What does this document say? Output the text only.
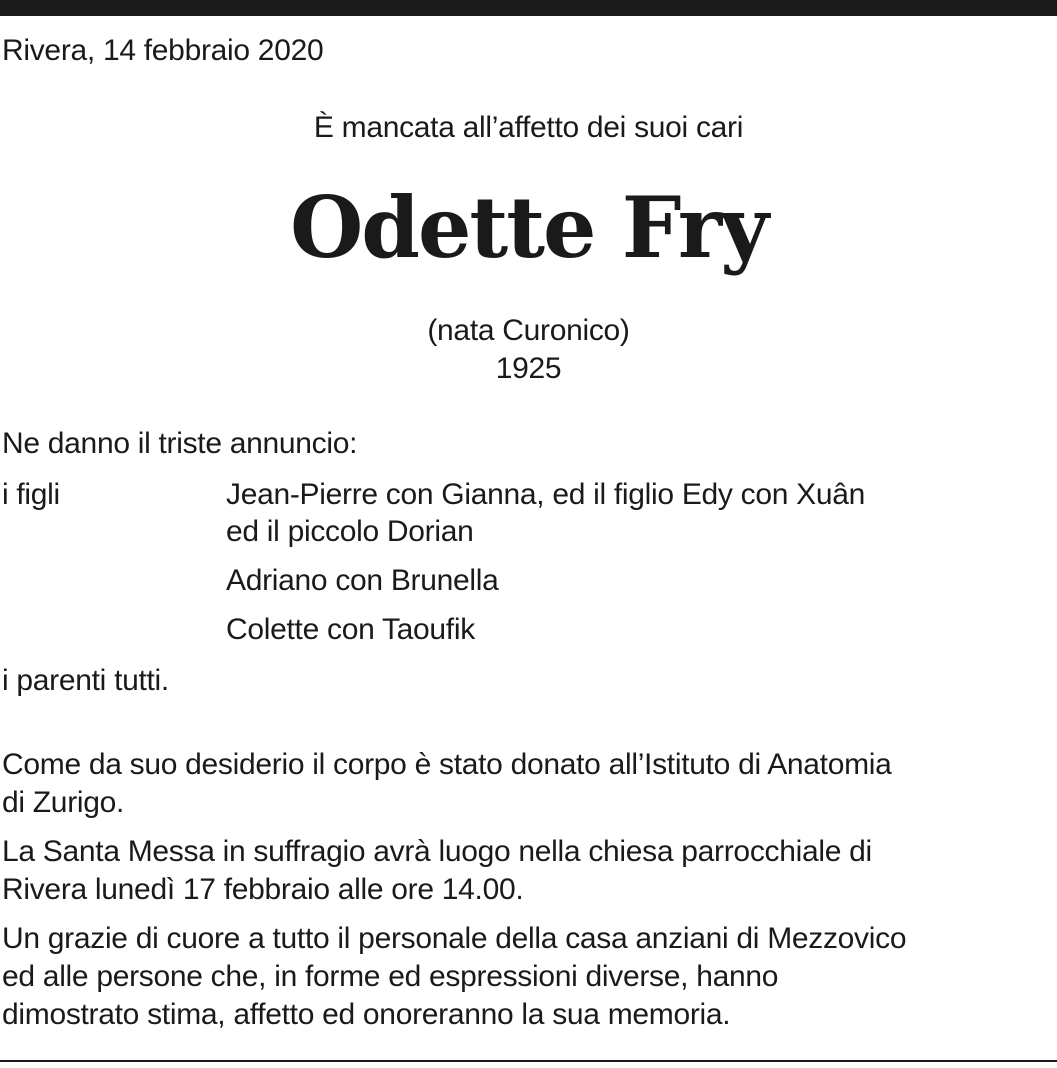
Rivera, 14 febbraio 2020
È mancata all’affetto dei suoi cari
Odette Fry
(nata Curonico)
1925
Ne danno il triste annuncio:
i figli	Jean-Pierre con Gianna, ed il figlio Edy con Xuân
ed il piccolo Dorian
Adriano con Brunella
Colette con Taoufik
i parenti tutti.
Come da suo desiderio il corpo è stato donato all’Istituto di Anatomia
di Zurigo.
La Santa Messa in suffragio avrà luogo nella chiesa parrocchiale di
Rivera lunedì 17 febbraio alle ore 14.00.
Un grazie di cuore a tutto il personale della casa anziani di Mezzovico
ed alle persone che, in forme ed espressioni diverse, hanno
dimostrato stima, affetto ed onoreranno la sua memoria.
